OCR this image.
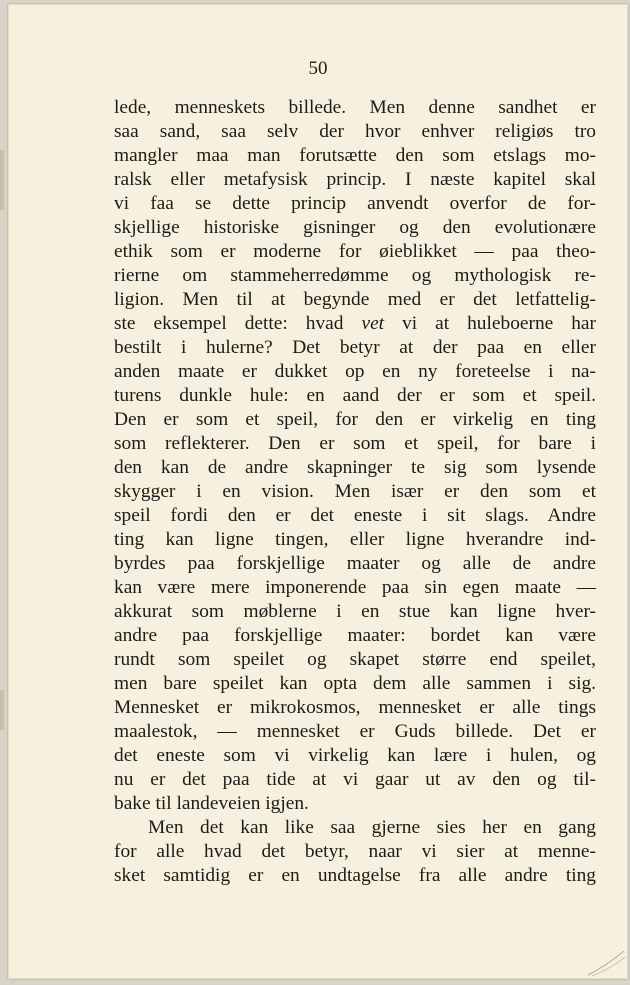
50
lede, menneskets billede. Men denne sandhet er
saa sand, saa selv der hvor enhver religiøs tro
mangler maa man forutsætte den som etslags mo-
ralsk eller metafysisk princip. I næste kapitel skal
vi faa se dette princip anvendt overfor de for-
skjellige historiske gisninger og den evolutionære
ethik som er moderne for øieblikket — paa theo-
rierne om stammeherredømme og mythologisk re-
ligion. Men til at begynde med er det letfattelig-
ste eksempel dette: hvad vet vi at huleboerne har
bestilt i hulerne? Det betyr at der paa en eller
anden maate er dukket op en ny foreteelse i na-
turens dunkle hule: en aand der er som et speil.
Den er som et speil, for den er virkelig en ting
som reflekterer. Den er som et speil, for bare i
den kan de andre skapninger te sig som lysende
skygger i en vision. Men især er den som et
speil fordi den er det eneste i sit slags. Andre
ting kan ligne tingen, eller ligne hverandre ind-
byrdes paa forskjellige maater og alle de andre
kan være mere imponerende paa sin egen maate —
akkurat som møblerne i en stue kan ligne hver-
andre paa forskjellige maater: bordet kan være
rundt som speilet og skapet større end speilet,
men bare speilet kan opta dem alle sammen i sig.
Mennesket er mikrokosmos, mennesket er alle tings
maalestok, — mennesket er Guds billede. Det er
det eneste som vi virkelig kan lære i hulen, og
nu er det paa tide at vi gaar ut av den og til-
bake til landeveien igjen.
Men det kan like saa gjerne sies her en gang
for alle hvad det betyr, naar vi sier at menne-
sket samtidig er en undtagelse fra alle andre ting
